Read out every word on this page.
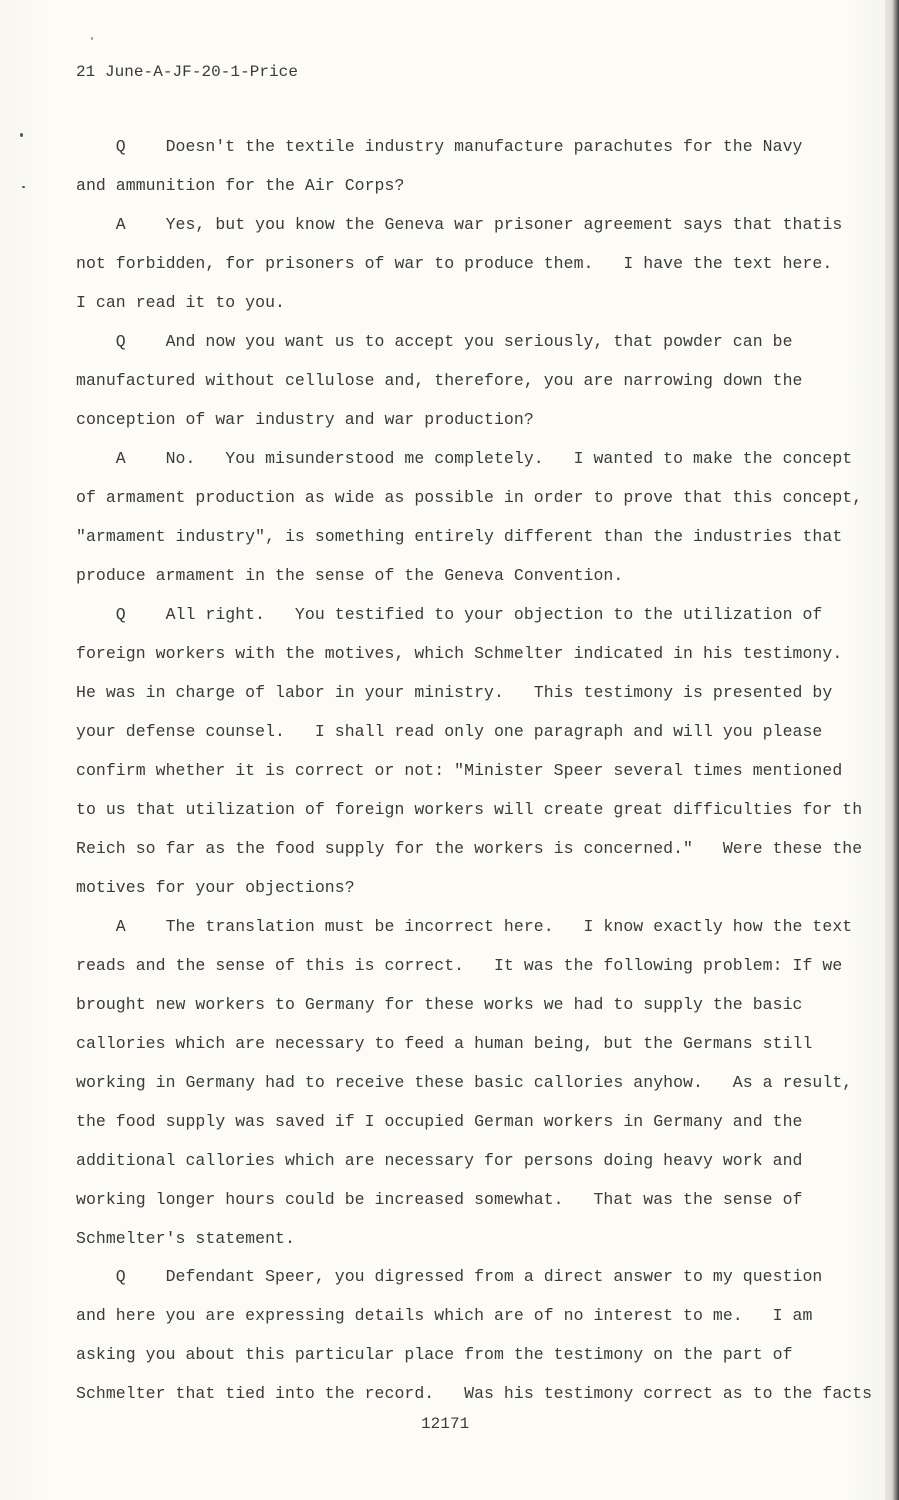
21 June-A-JF-20-1-Price
Q    Doesn't the textile industry manufacture parachutes for the Navy
and ammunition for the Air Corps?
A    Yes, but you know the Geneva war prisoner agreement says that thatis
not forbidden, for prisoners of war to produce them.   I have the text here.
I can read it to you.
Q    And now you want us to accept you seriously, that powder can be
manufactured without cellulose and, therefore, you are narrowing down the
conception of war industry and war production?
A    No.   You misunderstood me completely.   I wanted to make the concept
of armament production as wide as possible in order to prove that this concept,
"armament industry", is something entirely different than the industries that
produce armament in the sense of the Geneva Convention.
Q    All right.   You testified to your objection to the utilization of
foreign workers with the motives, which Schmelter indicated in his testimony.
He was in charge of labor in your ministry.   This testimony is presented by
your defense counsel.   I shall read only one paragraph and will you please
confirm whether it is correct or not: "Minister Speer several times mentioned
to us that utilization of foreign workers will create great difficulties for th
Reich so far as the food supply for the workers is concerned."   Were these the
motives for your objections?
A    The translation must be incorrect here.   I know exactly how the text
reads and the sense of this is correct.   It was the following problem: If we
brought new workers to Germany for these works we had to supply the basic
callories which are necessary to feed a human being, but the Germans still
working in Germany had to receive these basic callories anyhow.   As a result,
the food supply was saved if I occupied German workers in Germany and the
additional callories which are necessary for persons doing heavy work and
working longer hours could be increased somewhat.   That was the sense of
Schmelter's statement.
Q    Defendant Speer, you digressed from a direct answer to my question
and here you are expressing details which are of no interest to me.   I am
asking you about this particular place from the testimony on the part of
Schmelter that tied into the record.   Was his testimony correct as to the facts
12171
